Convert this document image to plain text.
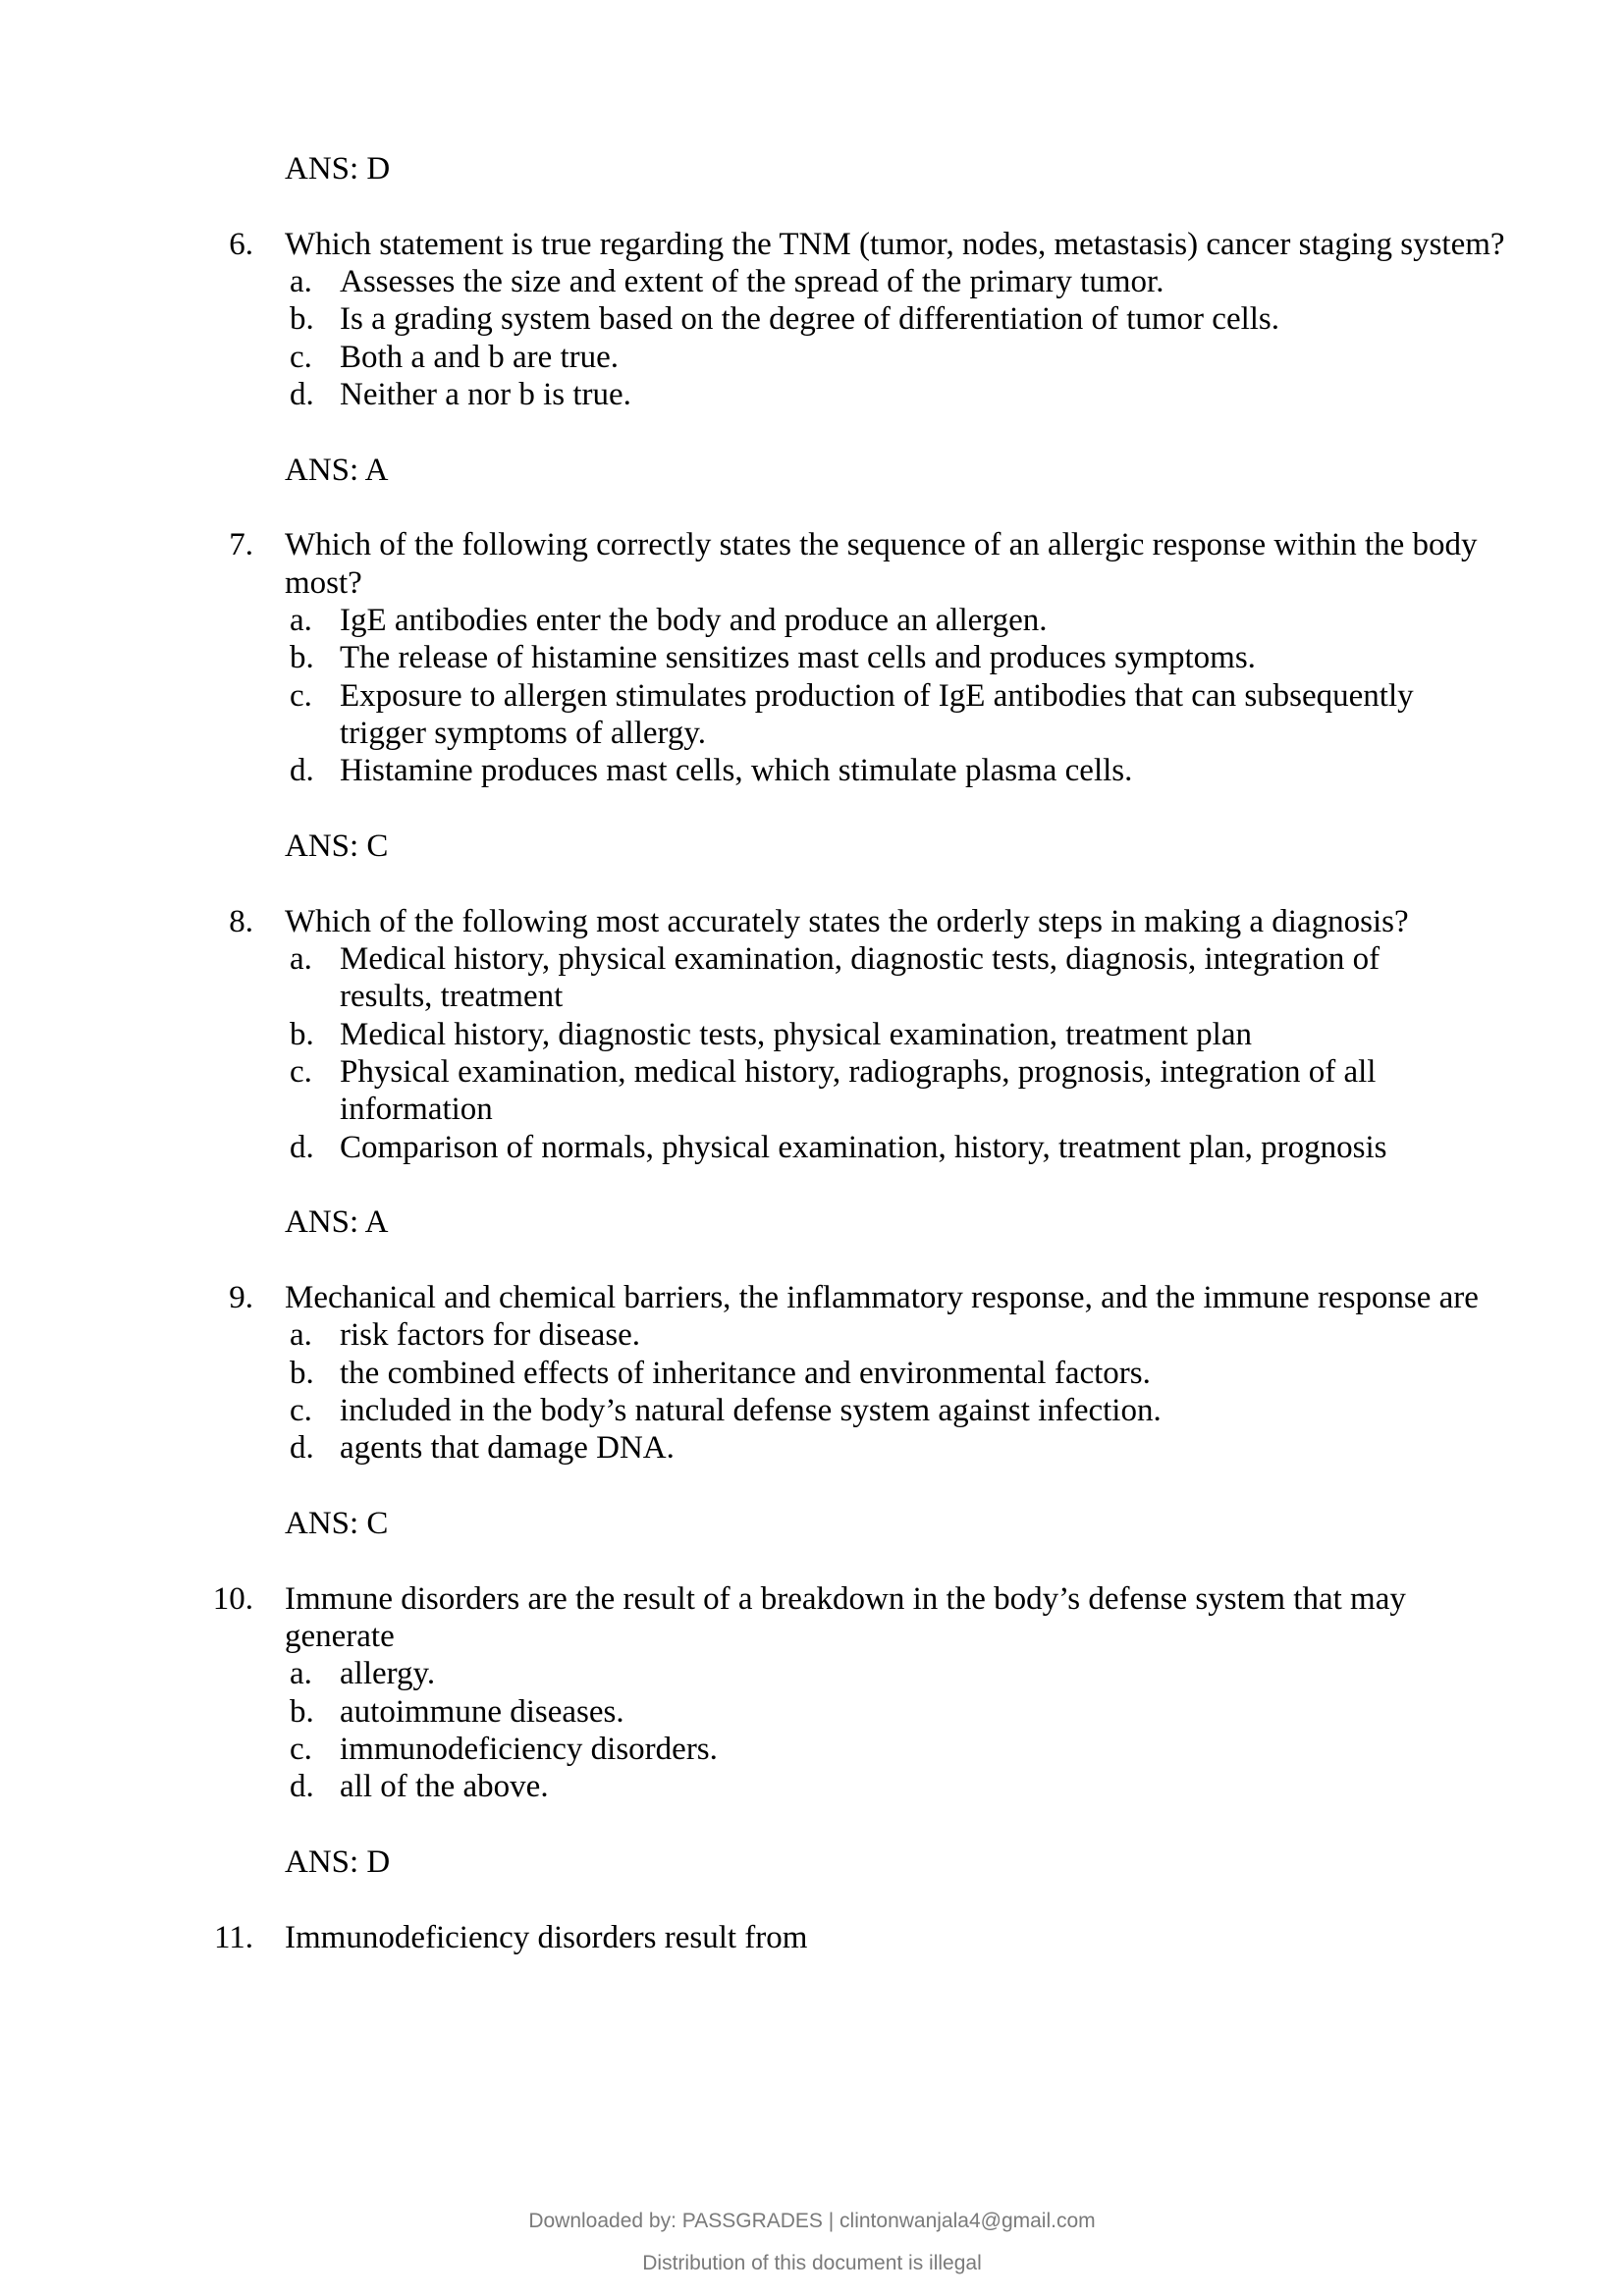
ANS: D
6. Which statement is true regarding the TNM (tumor, nodes, metastasis) cancer staging system?
a. Assesses the size and extent of the spread of the primary tumor.
b. Is a grading system based on the degree of differentiation of tumor cells.
c. Both a and b are true.
d. Neither a nor b is true.
ANS: A
7. Which of the following correctly states the sequence of an allergic response within the body
most?
a. IgE antibodies enter the body and produce an allergen.
b. The release of histamine sensitizes mast cells and produces symptoms.
c. Exposure to allergen stimulates production of IgE antibodies that can subsequently
trigger symptoms of allergy.
d. Histamine produces mast cells, which stimulate plasma cells.
ANS: C
8. Which of the following most accurately states the orderly steps in making a diagnosis?
a. Medical history, physical examination, diagnostic tests, diagnosis, integration of
results, treatment
b. Medical history, diagnostic tests, physical examination, treatment plan
c. Physical examination, medical history, radiographs, prognosis, integration of all
information
d. Comparison of normals, physical examination, history, treatment plan, prognosis
ANS: A
9. Mechanical and chemical barriers, the inflammatory response, and the immune response are
a. risk factors for disease.
b. the combined effects of inheritance and environmental factors.
c. included in the body’s natural defense system against infection.
d. agents that damage DNA.
ANS: C
10. Immune disorders are the result of a breakdown in the body’s defense system that may
generate
a. allergy.
b. autoimmune diseases.
c. immunodeficiency disorders.
d. all of the above.
ANS: D
11. Immunodeficiency disorders result from
Downloaded by: PASSGRADES | clintonwanjala4@gmail.com
Distribution of this document is illegal
